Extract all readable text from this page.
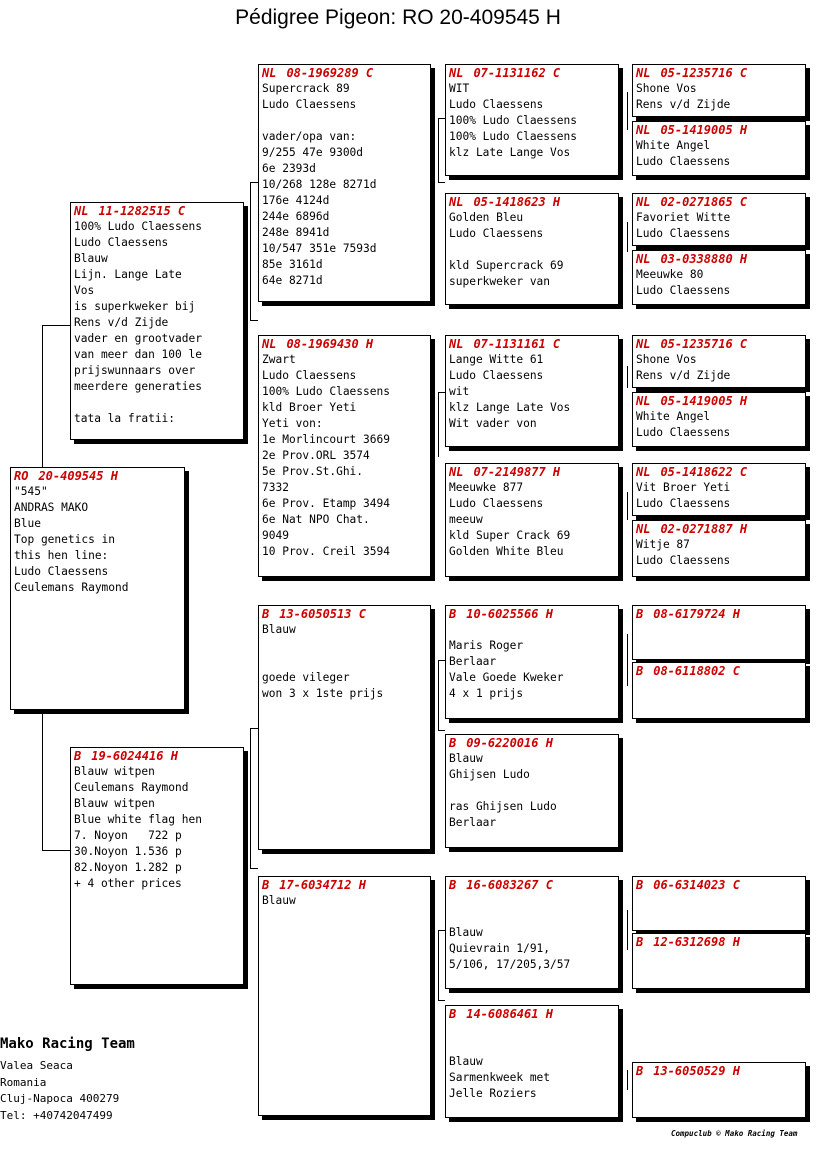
Pédigree Pigeon: RO 20-409545 H
RO 20-409545 H
"545"
ANDRAS MAKO
Blue
Top genetics in
this hen line:
Ludo Claessens
Ceulemans Raymond
NL 11-1282515 C
100% Ludo Claessens
Ludo Claessens
Blauw
Lijn. Lange Late
Vos
is superkweker bij
Rens v/d Zijde
vader en grootvader
van meer dan 100 le
prijswunnaars over
meerdere generaties

tata la fratii:
B 19-6024416 H
Blauw witpen
Ceulemans Raymond
Blauw witpen
Blue white flag hen
7. Noyon   722 p
30.Noyon 1.536 p
82.Noyon 1.282 p
+ 4 other prices
NL 08-1969289 C
Supercrack 89
Ludo Claessens

vader/opa van:
9/255 47e 9300d
6e 2393d
10/268 128e 8271d
176e 4124d
244e 6896d
248e 8941d
10/547 351e 7593d
85e 3161d
64e 8271d
NL 08-1969430 H
Zwart
Ludo Claessens
100% Ludo Claessens
kld Broer Yeti
Yeti von:
1e Morlincourt 3669
2e Prov.ORL 3574
5e Prov.St.Ghi.
7332
6e Prov. Etamp 3494
6e Nat NPO Chat.
9049
10 Prov. Creil 3594
B 13-6050513 C
Blauw

goede vileger
won 3 x 1ste prijs
B 17-6034712 H
Blauw
NL 07-1131162 C
WIT
Ludo Claessens
100% Ludo Claessens
100% Ludo Claessens
klz Late Lange Vos
NL 05-1418623 H
Golden Bleu
Ludo Claessens

kld Supercrack 69
superkweker van
NL 07-1131161 C
Lange Witte 61
Ludo Claessens
wit
klz Lange Late Vos
Wit vader von
NL 07-2149877 H
Meeuwke 877
Ludo Claessens
meeuw
kld Super Crack 69
Golden White Bleu
B 10-6025566 H

Maris Roger
Berlaar
Vale Goede Kweker
4 x 1 prijs
B 09-6220016 H
Blauw
Ghijsen Ludo

ras Ghijsen Ludo
Berlaar
B 16-6083267 C

Blauw
Quievrain 1/91,
5/106, 17/205,3/57
B 14-6086461 H

Blauw
Sarmenkweek met
Jelle Roziers
NL 05-1235716 C
Shone Vos
Rens v/d Zijde
NL 05-1419005 H
White Angel
Ludo Claessens
NL 02-0271865 C
Favoriet Witte
Ludo Claessens
NL 03-0338880 H
Meeuwke 80
Ludo Claessens
NL 05-1235716 C
Shone Vos
Rens v/d Zijde
NL 05-1419005 H
White Angel
Ludo Claessens
NL 05-1418622 C
Vit Broer Yeti
Ludo Claessens
NL 02-0271887 H
Witje 87
Ludo Claessens
B 08-6179724 H
B 08-6118802 C
B 06-6314023 C
B 12-6312698 H
B 13-6050529 H
Mako Racing Team
Valea Seaca
Romania
Cluj-Napoca 400279
Tel: +40742047499
Compuclub © Mako Racing Team
